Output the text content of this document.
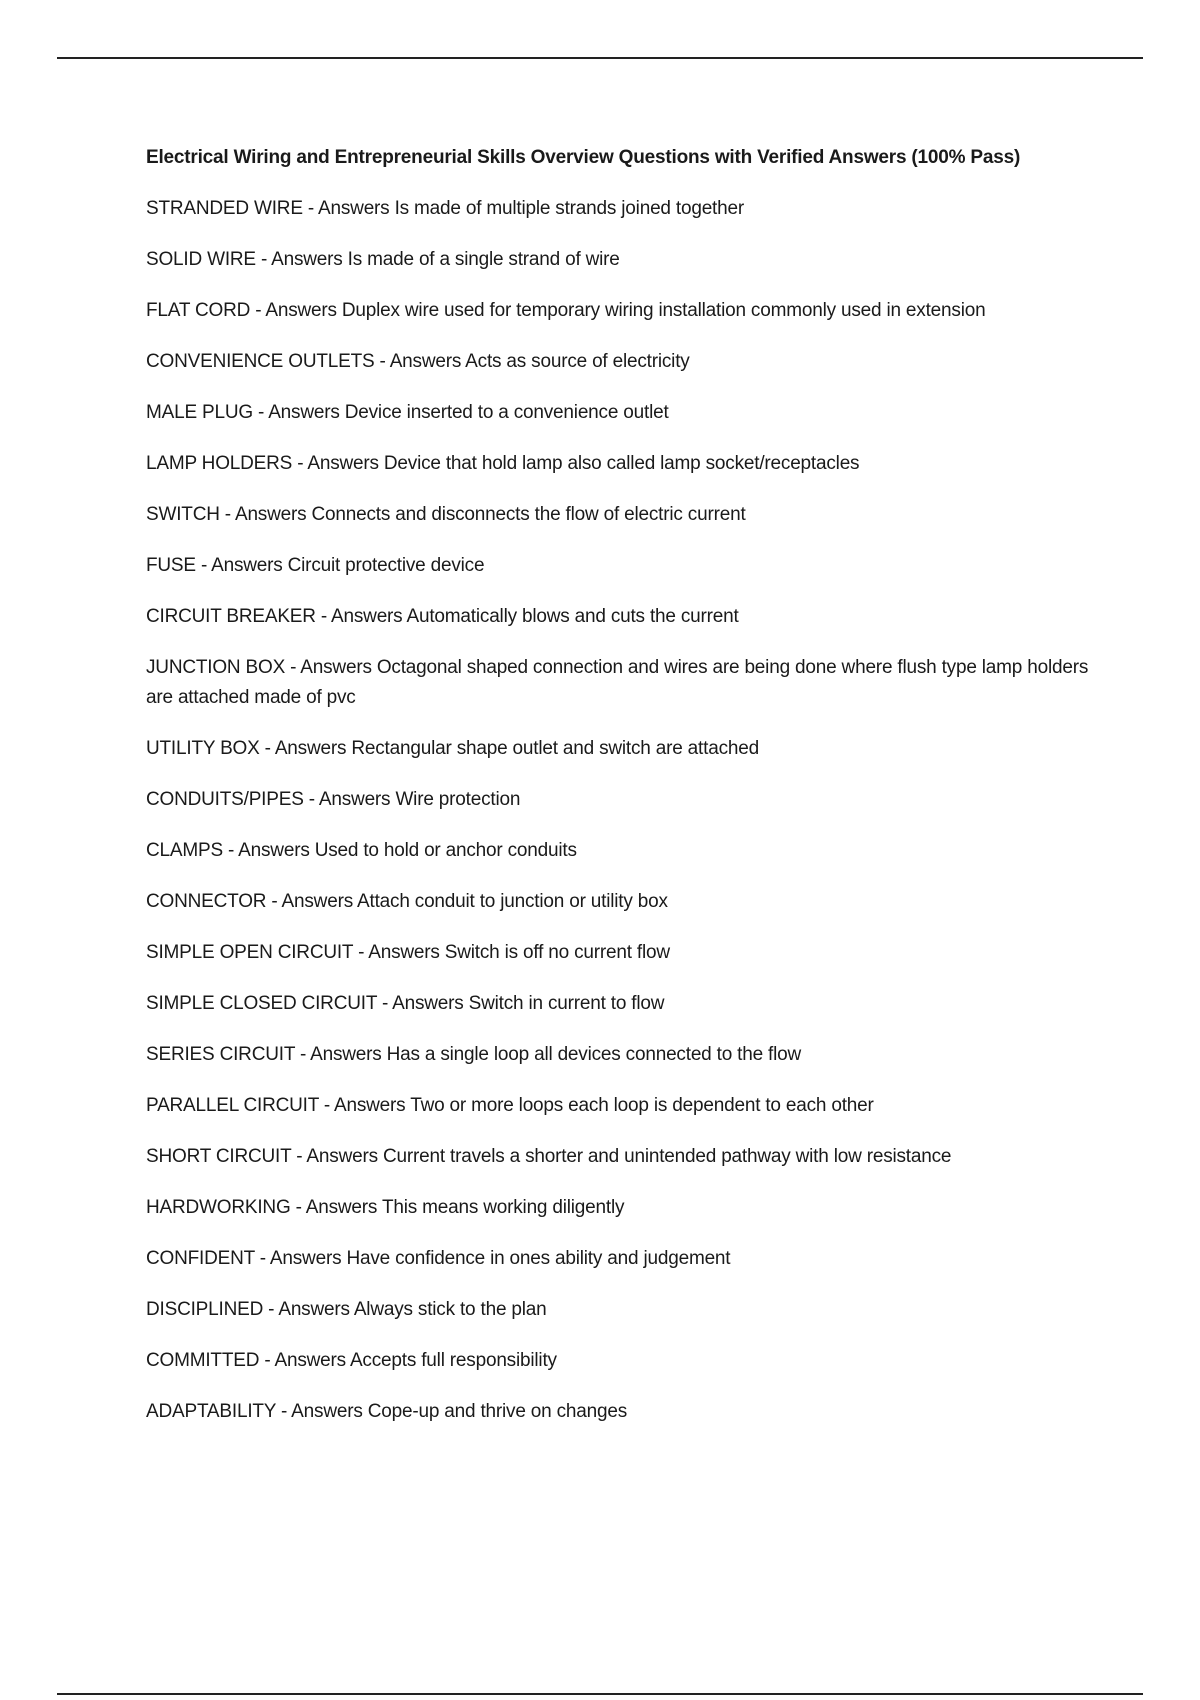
Electrical Wiring and Entrepreneurial Skills Overview Questions with Verified Answers (100% Pass)
STRANDED WIRE - Answers Is made of multiple strands joined together
SOLID WIRE - Answers Is made of a single strand of wire
FLAT CORD - Answers Duplex wire used for temporary wiring installation commonly used in extension
CONVENIENCE OUTLETS - Answers Acts as source of electricity
MALE PLUG - Answers Device inserted to a convenience outlet
LAMP HOLDERS - Answers Device that hold lamp also called lamp socket/receptacles
SWITCH - Answers Connects and disconnects the flow of electric current
FUSE - Answers Circuit protective device
CIRCUIT BREAKER - Answers Automatically blows and cuts the current
JUNCTION BOX - Answers Octagonal shaped connection and wires are being done where flush type lamp holders are attached made of pvc
UTILITY BOX - Answers Rectangular shape outlet and switch are attached
CONDUITS/PIPES - Answers Wire protection
CLAMPS - Answers Used to hold or anchor conduits
CONNECTOR - Answers Attach conduit to junction or utility box
SIMPLE OPEN CIRCUIT - Answers Switch is off no current flow
SIMPLE CLOSED CIRCUIT - Answers Switch in current to flow
SERIES CIRCUIT - Answers Has a single loop all devices connected to the flow
PARALLEL CIRCUIT - Answers Two or more loops each loop is dependent to each other
SHORT CIRCUIT - Answers Current travels a shorter and unintended pathway with low resistance
HARDWORKING - Answers This means working diligently
CONFIDENT - Answers Have confidence in ones ability and judgement
DISCIPLINED - Answers Always stick to the plan
COMMITTED - Answers Accepts full responsibility
ADAPTABILITY - Answers Cope-up and thrive on changes
